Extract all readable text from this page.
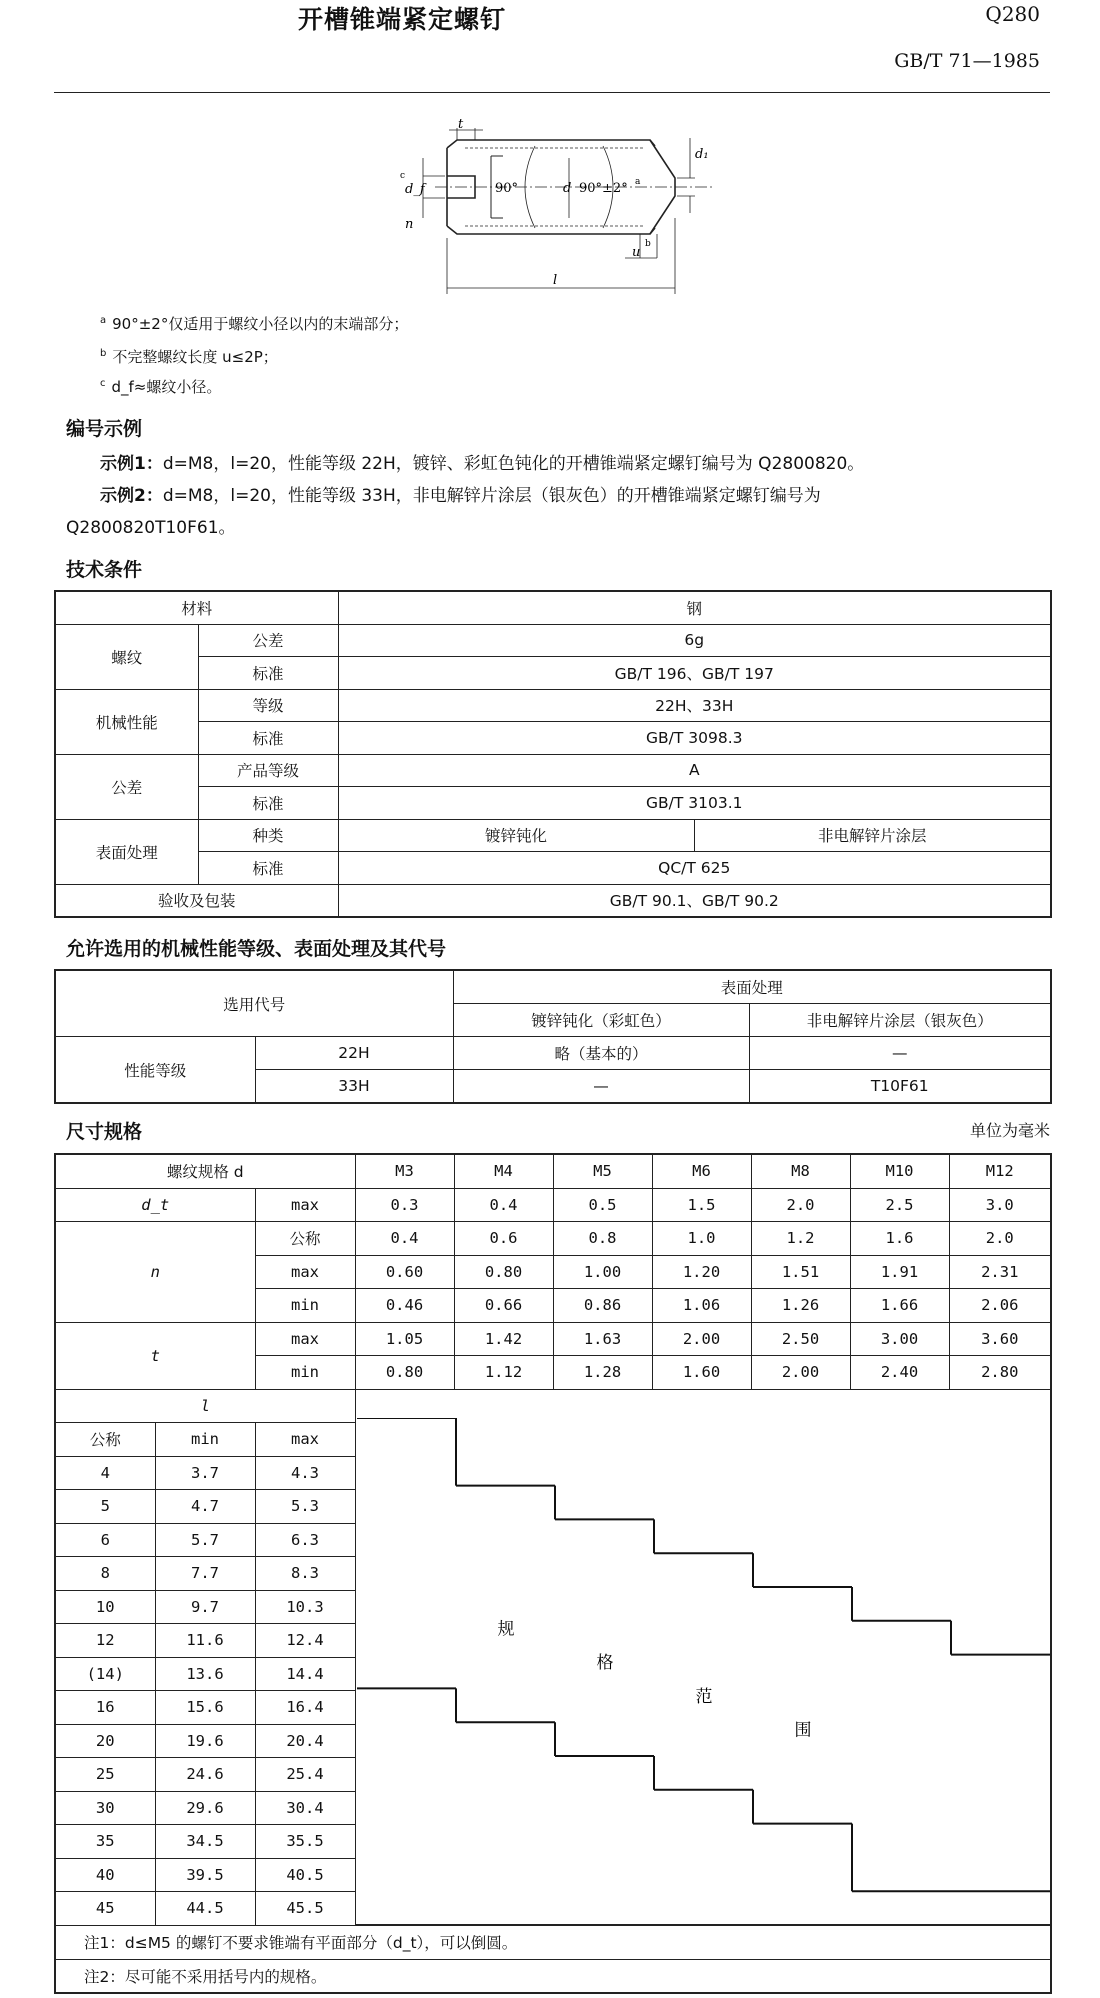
开槽锥端紧定螺钉	Q280
GB/T 71—1985
t
d₁
d_f
n
90°	d 90°±2°
u
l
a
b
c
$^a$ 90°±2°仅适用于螺纹小径以内的末端部分；
$^b$ 不完整螺纹长度 u≤2P；
$^c$ d_f≈螺纹小径。
编号示例
示例1：d=M8，l=20，性能等级 22H，镀锌、彩虹色钝化的开槽锥端紧定螺钉编号为 Q2800820。
示例2：d=M8，l=20，性能等级 33H，非电解锌片涂层（银灰色）的开槽锥端紧定螺钉编号为
Q2800820T10F61。
技术条件
材料		钢	
螺纹	公差	6g	
	标准	GB/T 196、GB/T 197	
机械性能	等级	22H、33H	
	标准	GB/T 3098.3	
公差	产品等级	A	
	标准	GB/T 3103.1	
表面处理	种类	镀锌钝化	非电解锌片涂层
	标准	QC/T 625	
验收及包装		GB/T 90.1、GB/T 90.2	
允许选用的机械性能等级、表面处理及其代号
选用代号		表面处理	
		镀锌钝化（彩虹色）	非电解锌片涂层（银灰色）
性能等级	22H	略（基本的）	—
	33H	—	T10F61
尺寸规格	单位为毫米
螺纹规格 d			M3	M4	M5	M6	M8	M10	M12
d_t		max	0.3	0.4	0.5	1.5	2.0	2.5	3.0
n		公称	0.4	0.6	0.8	1.0	1.2	1.6	2.0
		max	0.60	0.80	1.00	1.20	1.51	1.91	2.31
		min	0.46	0.66	0.86	1.06	1.26	1.66	2.06
t		max	1.05	1.42	1.63	2.00	2.50	3.00	3.60
		min	0.80	1.12	1.28	1.60	2.00	2.40	2.80
l									
公称	min	max							
4	3.7	4.3							
5	4.7	5.3							
6	5.7	6.3							
8	7.7	8.3							
10	9.7	10.3							
12	11.6	12.4							
(14)	13.6	14.4							
16	15.6	16.4							
20	19.6	20.4							
25	24.6	25.4							
30	29.6	30.4							
35	34.5	35.5							
40	39.5	40.5							
45	44.5	45.5							
注1：d≤M5 的螺钉不要求锥端有平面部分（d_t），可以倒圆。									
注2：尽可能不采用括号内的规格。									
规
格
范
围
